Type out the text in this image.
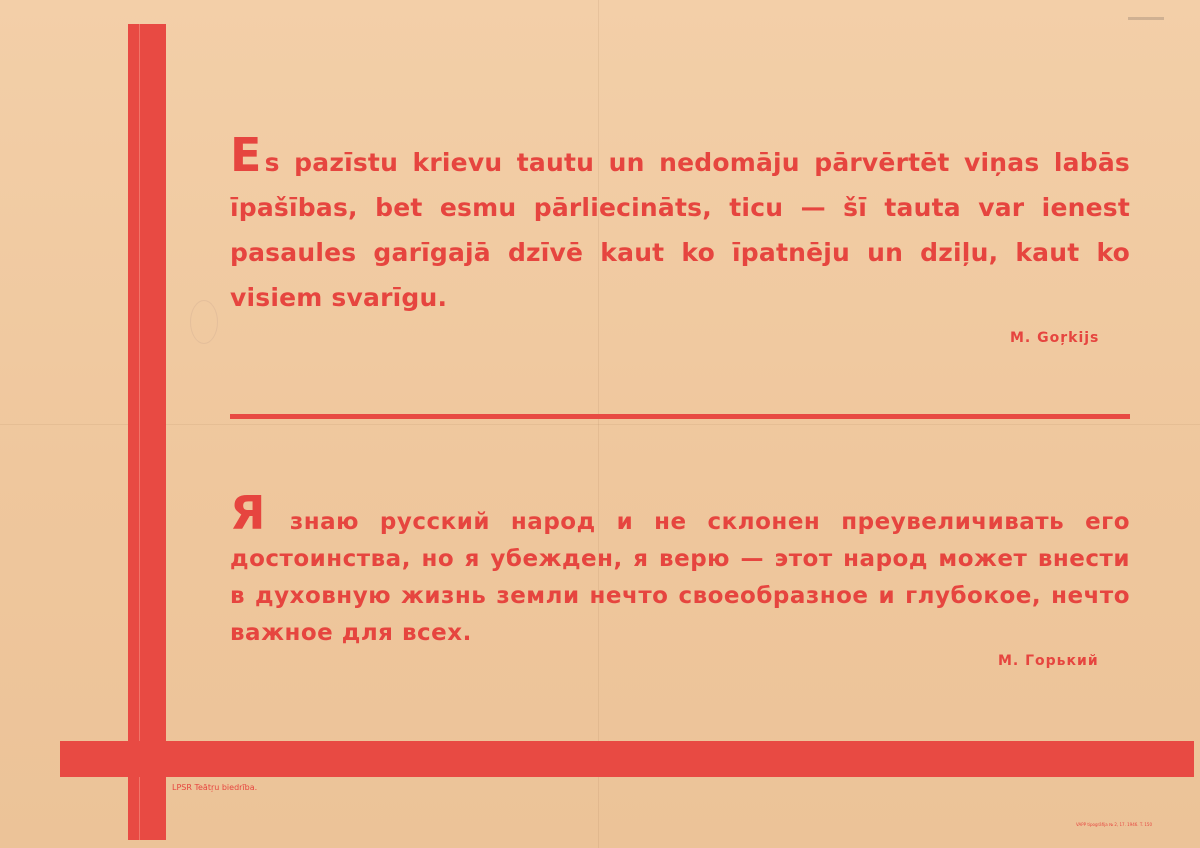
Es pazīstu krievu tautu un nedomāju pārvērtēt viņas labās īpašības, bet esmu pārliecināts, ticu — šī tauta var ienest pasaules garīgajā dzīvē kaut ko īpatnēju un dziļu, kaut ko visiem svarīgu.
M. Goŗkijs
Я знаю русский народ и не склонен преувеличивать его достоинства, но я убежден, я верю — этот народ может внести в духовную жизнь земли нечто своеобразное и глубокое, нечто важное для всех.
М. Горький
LPSR Teātŗu biedrība.
VAPP tipogrāfija № 2, 17. 1946. T. 150
